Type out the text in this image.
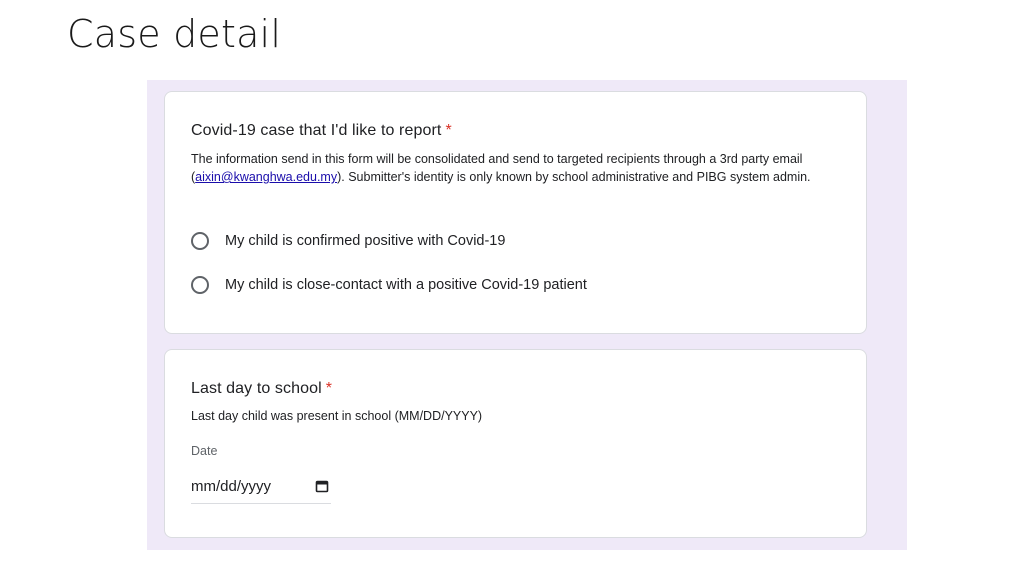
Case detail
Covid-19 case that I'd like to report *
The information send in this form will be consolidated and send to targeted recipients through a 3rd party email (aixin@kwanghwa.edu.my). Submitter's identity is only known by school administrative and PIBG system admin.
My child is confirmed positive with Covid-19
My child is close-contact with a positive Covid-19 patient
Last day to school *
Last day child was present in school (MM/DD/YYYY)
Date
mm/dd/yyyy
